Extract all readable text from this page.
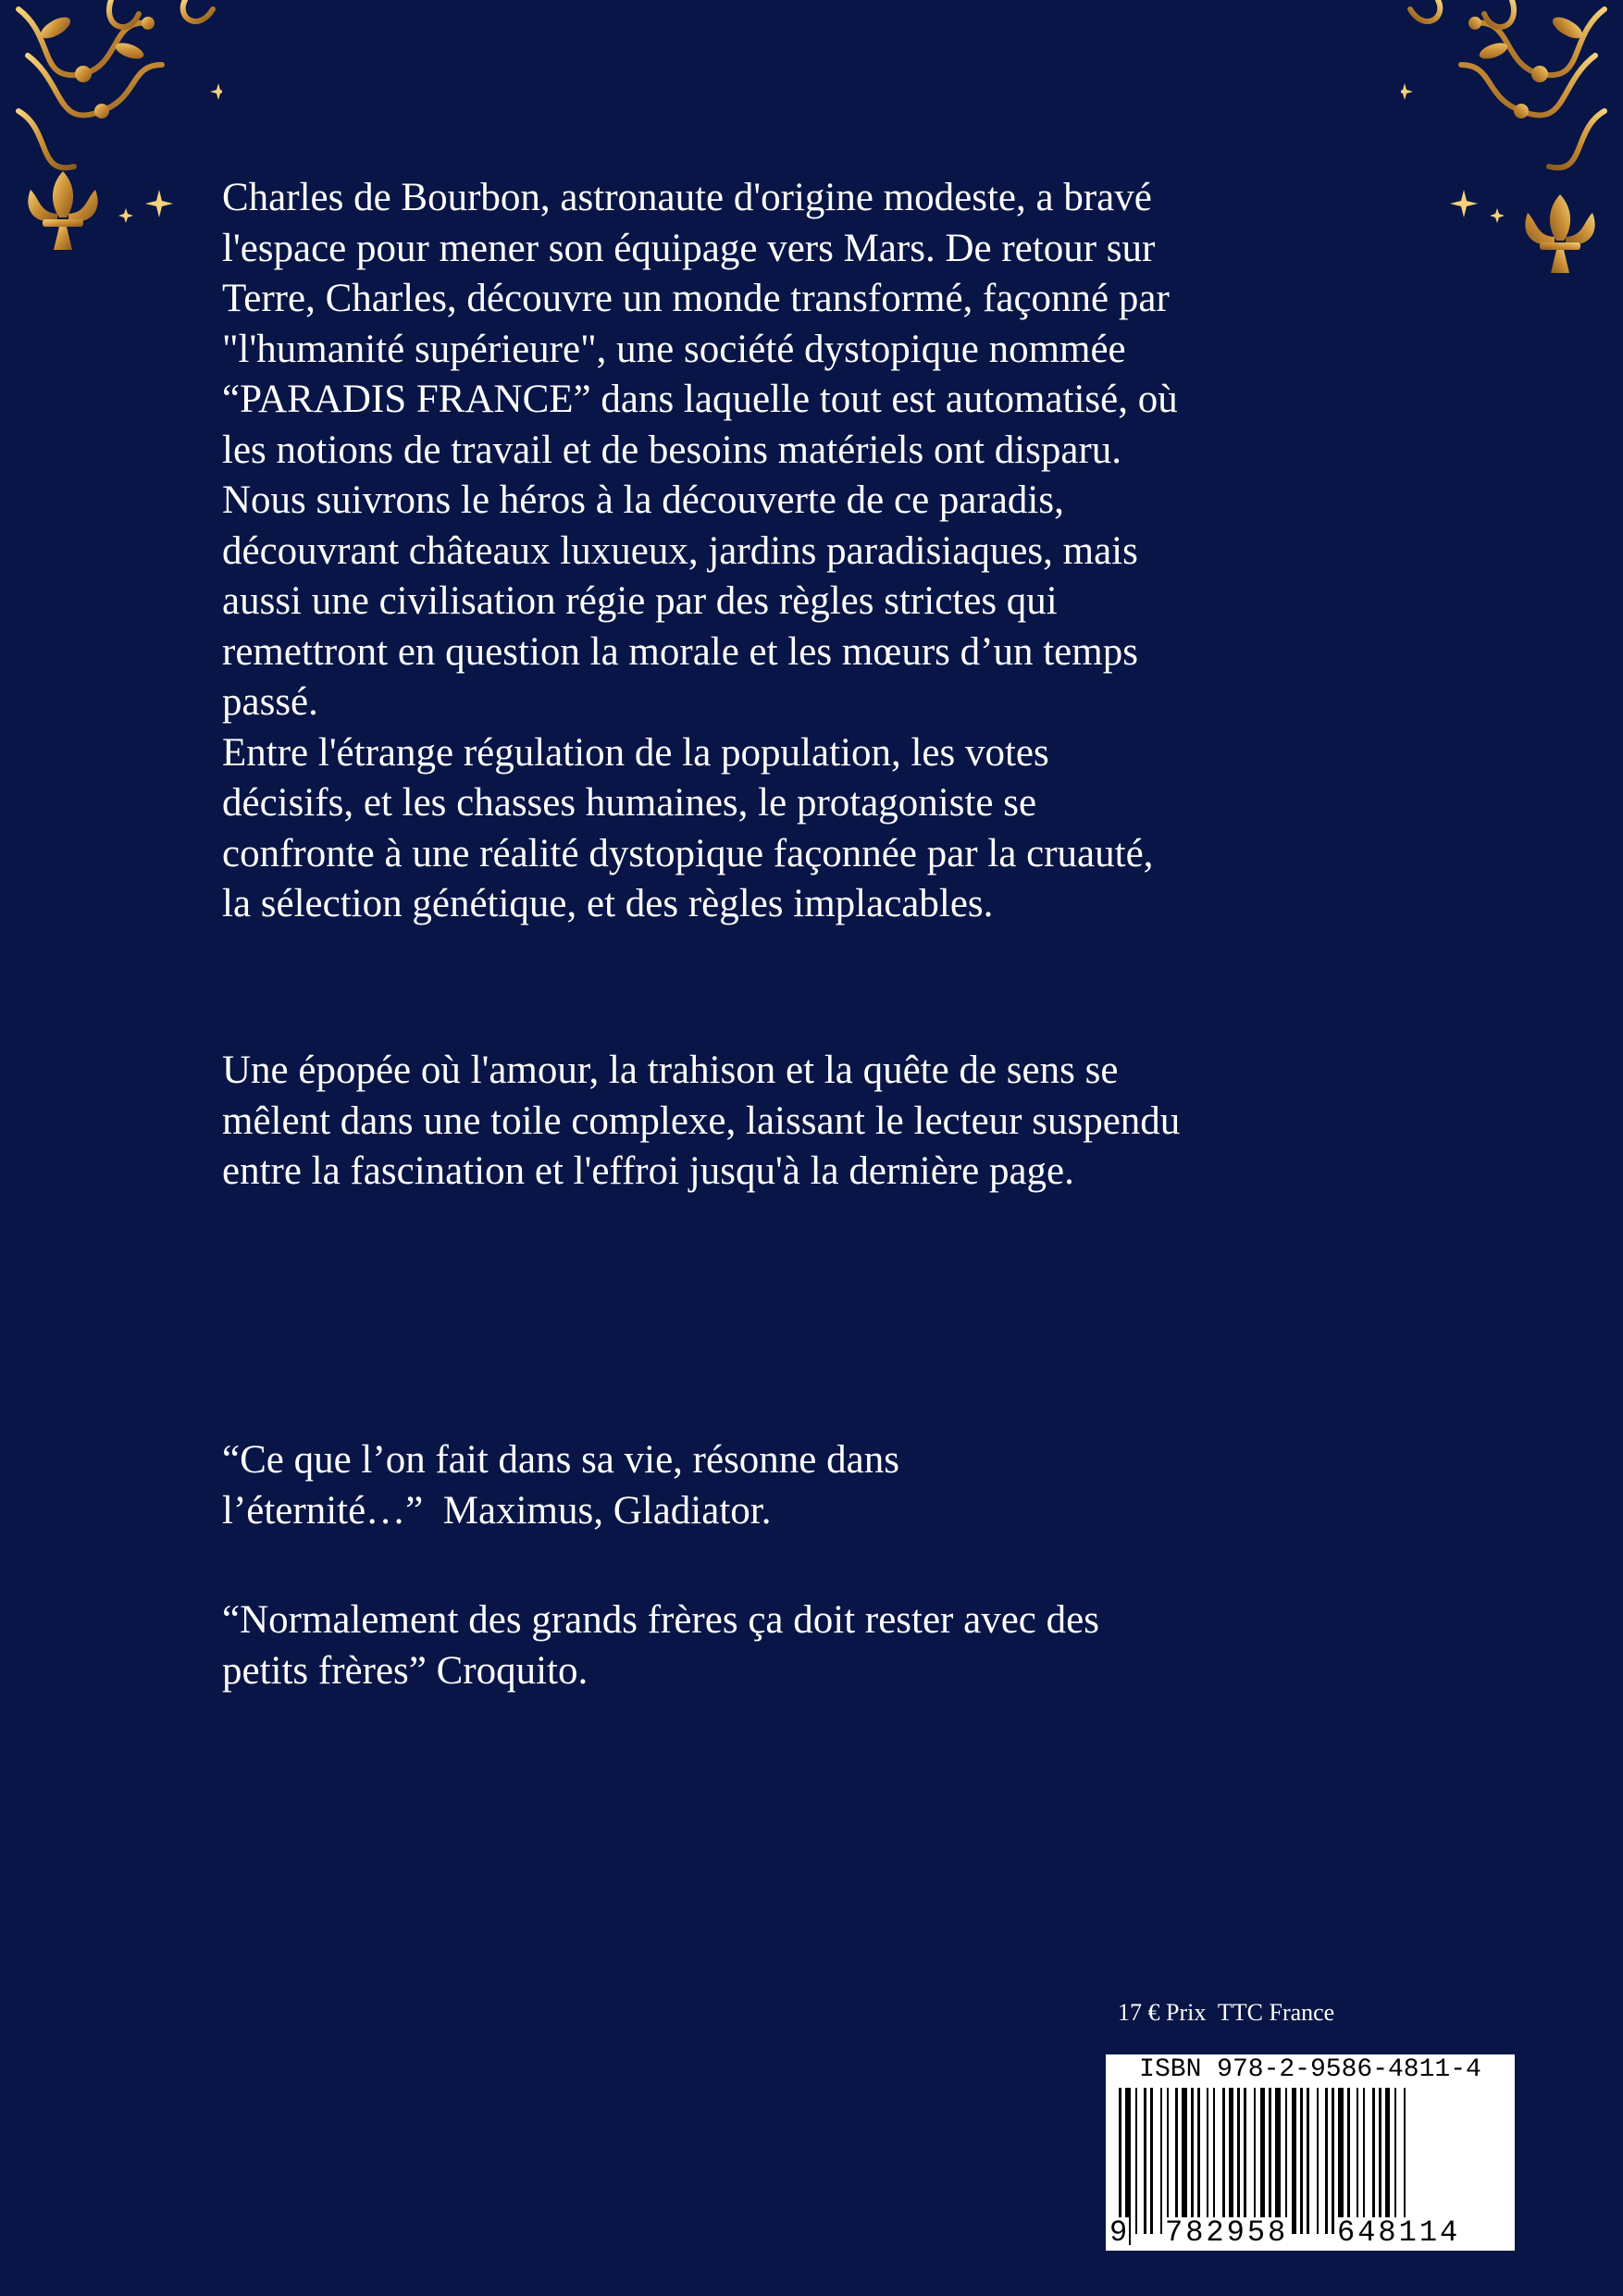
Charles de Bourbon, astronaute d'origine modeste, a bravé

l'espace pour mener son équipage vers Mars. De retour sur

Terre, Charles, découvre un monde transformé, façonné par

"l'humanité supérieure", une société dystopique nommée

“PARADIS FRANCE” dans laquelle tout est automatisé, où

les notions de travail et de besoins matériels ont disparu.

Nous suivrons le héros à la découverte de ce paradis,

découvrant châteaux luxueux, jardins paradisiaques, mais

aussi une civilisation régie par des règles strictes qui

remettront en question la morale et les mœurs d’un temps

passé.

Entre l'étrange régulation de la population, les votes

décisifs, et les chasses humaines, le protagoniste se

confronte à une réalité dystopique façonnée par la cruauté,

la sélection génétique, et des règles implacables.

Une épopée où l'amour, la trahison et la quête de sens se

mêlent dans une toile complexe, laissant le lecteur suspendu

entre la fascination et l'effroi jusqu'à la dernière page.

“Ce que l’on fait dans sa vie, résonne dans

l’éternité…”  Maximus, Gladiator.

“Normalement des grands frères ça doit rester avec des

petits frères” Croquito.

17 € Prix  TTC France
ISBN 978-2-9586-4811-4
9 782958 648114
